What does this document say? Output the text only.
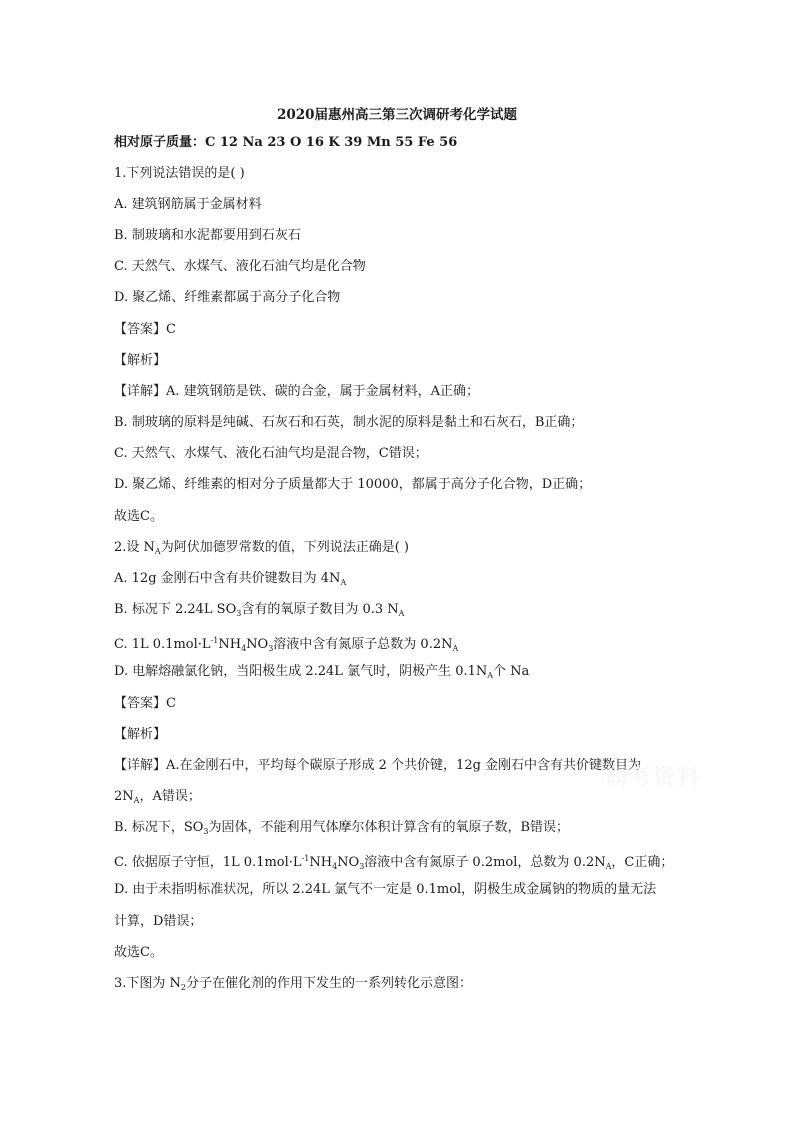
2020届惠州高三第三次调研考化学试题
相对原子质量：C 12 Na 23 O 16 K 39 Mn 55 Fe 56
1.下列说法错误的是( )
A. 建筑钢筋属于金属材料
B. 制玻璃和水泥都要用到石灰石
C. 天然气、水煤气、液化石油气均是化合物
D. 聚乙烯、纤维素都属于高分子化合物
【答案】C
【解析】
【详解】A. 建筑钢筋是铁、碳的合金，属于金属材料，A正确；
B. 制玻璃的原料是纯碱、石灰石和石英，制水泥的原料是黏土和石灰石，B正确；
C. 天然气、水煤气、液化石油气均是混合物，C错误；
D. 聚乙烯、纤维素的相对分子质量都大于 10000，都属于高分子化合物，D正确；
故选C。
2.设 $N_A$为阿伏加德罗常数的值，下列说法正确是( )
A. 12g 金刚石中含有共价键数目为 $4N_A$
B. 标况下 2.24L $SO_3$含有的氧原子数目为 0.3 $N_A$
C. 1L $0.1mol\cdot L^{-1}NH_4NO_3$溶液中含有氮原子总数为 $0.2N_A$
D. 电解熔融氯化钠，当阳极生成 2.24L 氯气时，阴极产生 $0.1N_A$个 Na
【答案】C
【解析】
【详解】A.在金刚石中，平均每个碳原子形成 2 个共价键，12g 金刚石中含有共价键数目为
$2N_A$，A错误；
B. 标况下，$SO_3$为固体，不能利用气体摩尔体积计算含有的氧原子数，B错误；
C. 依据原子守恒，1L $0.1mol\cdot L^{-1}NH_4NO_3$溶液中含有氮原子 0.2mol，总数为 $0.2N_A$，C正确；
D. 由于未指明标准状况，所以 2.24L 氯气不一定是 0.1mol，阴极生成金属钠的物质的量无法
计算，D错误；
故选C。
3.下图为 $N_2$分子在催化剂的作用下发生的一系列转化示意图：
高考资料
